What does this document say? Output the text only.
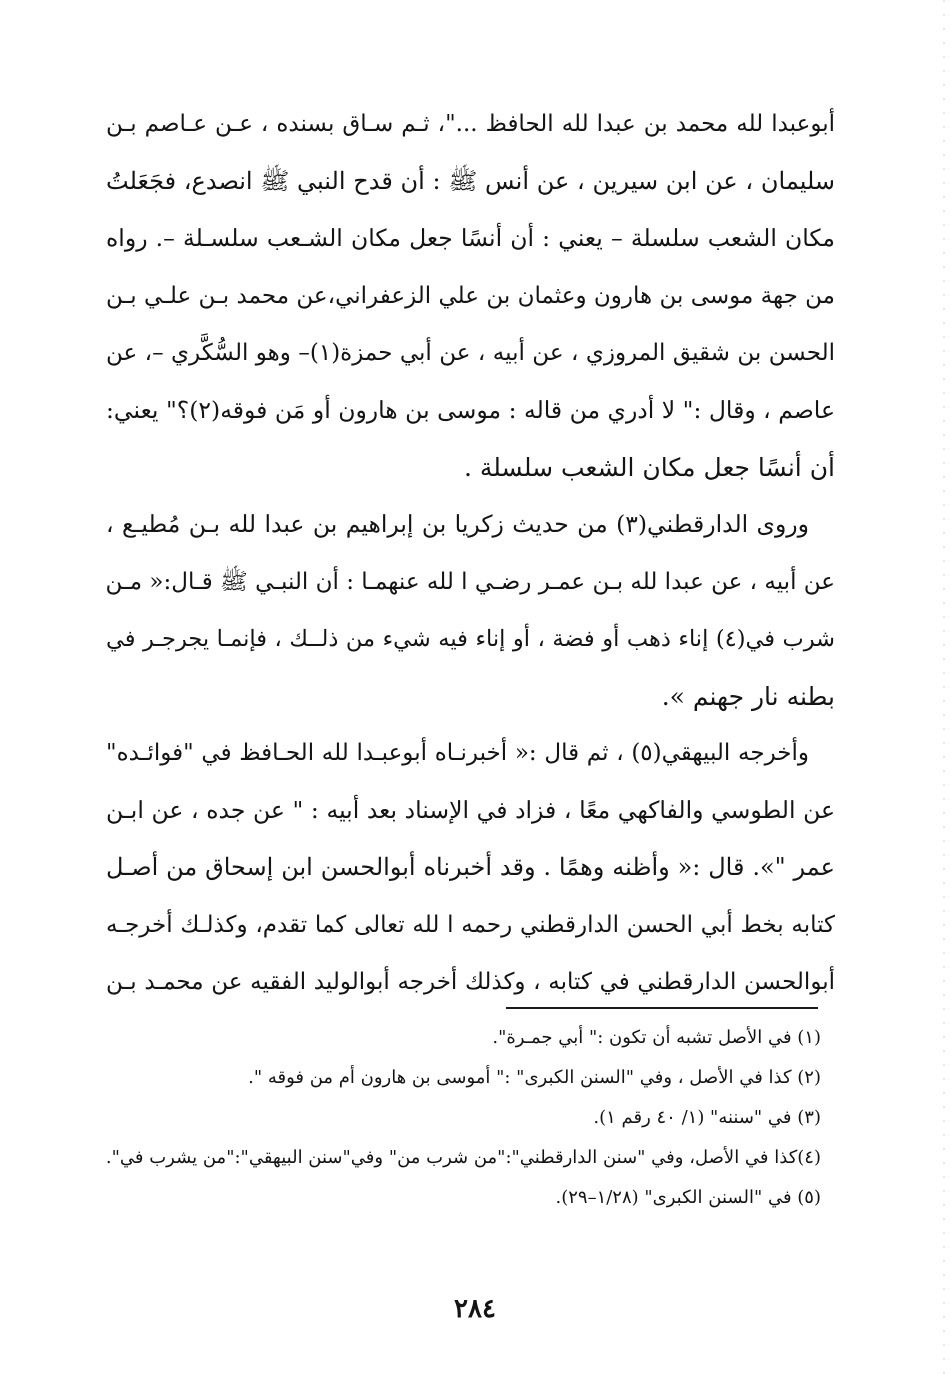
أبوعبدا لله محمد بن عبدا لله الحافظ ..."، ثـم سـاق بسنده ، عـن عـاصم بـن
سليمان ، عن ابن سيرين ، عن أنس ﷺ : أن قدح النبي ﷺ انصدع، فجَعَلتُ
مكان الشعب سلسلة – يعني : أن أنسًا جعل مكان الشـعب سلسـلة –. رواه
من جهة موسى بن هارون وعثمان بن علي الزعفراني،عن محمد بـن علـي بـن
الحسن بن شقيق المروزي ، عن أبيه ، عن أبي حمزة(١)– وهو السُّكَّري –، عن
عاصم ، وقال :" لا أدري من قاله : موسى بن هارون أو مَن فوقه(٢)؟" يعني:
أن أنسًا جعل مكان الشعب سلسلة .
وروى الدارقطني(٣) من حديث زكريا بن إبراهيم بن عبدا لله بـن مُطيـع ،
عن أبيه ، عن عبدا لله بـن عمـر رضـي ا لله عنهمـا : أن النبـي ﷺ قـال:« مـن
شرب في(٤) إناء ذهب أو فضة ، أو إناء فيه شيء من ذلــك ، فإنمـا يجرجـر في
بطنه نار جهنم ».
وأخرجه البيهقي(٥) ، ثم قال :« أخبرنـاه أبوعبـدا لله الحـافظ في "فوائـده"
عن الطوسي والفاكهي معًا ، فزاد في الإسناد بعد أبيه : " عن جده ، عن ابـن
عمر "». قال :« وأظنه وهمًا . وقد أخبرناه أبوالحسن ابن إسحاق من أصـل
كتابه بخط أبي الحسن الدارقطني رحمه ا لله تعالى كما تقدم، وكذلـك أخرجـه
أبوالحسن الدارقطني في كتابه ، وكذلك أخرجه أبوالوليد الفقيه عن محمـد بـن
(١) في الأصل تشبه أن تكون :" أبي جمـرة".
(٢) كذا في الأصل ، وفي "السنن الكبرى" :" أموسى بن هارون أم من فوقه ".
(٣) في "سننه" (١/ ٤٠ رقم ١).
(٤)كذا في الأصل، وفي "سنن الدارقطني":"من شرب من" وفي"سنن البيهقي":"من يشرب في".
(٥) في "السنن الكبرى" (١/٢٨–٢٩).
٢٨٤
